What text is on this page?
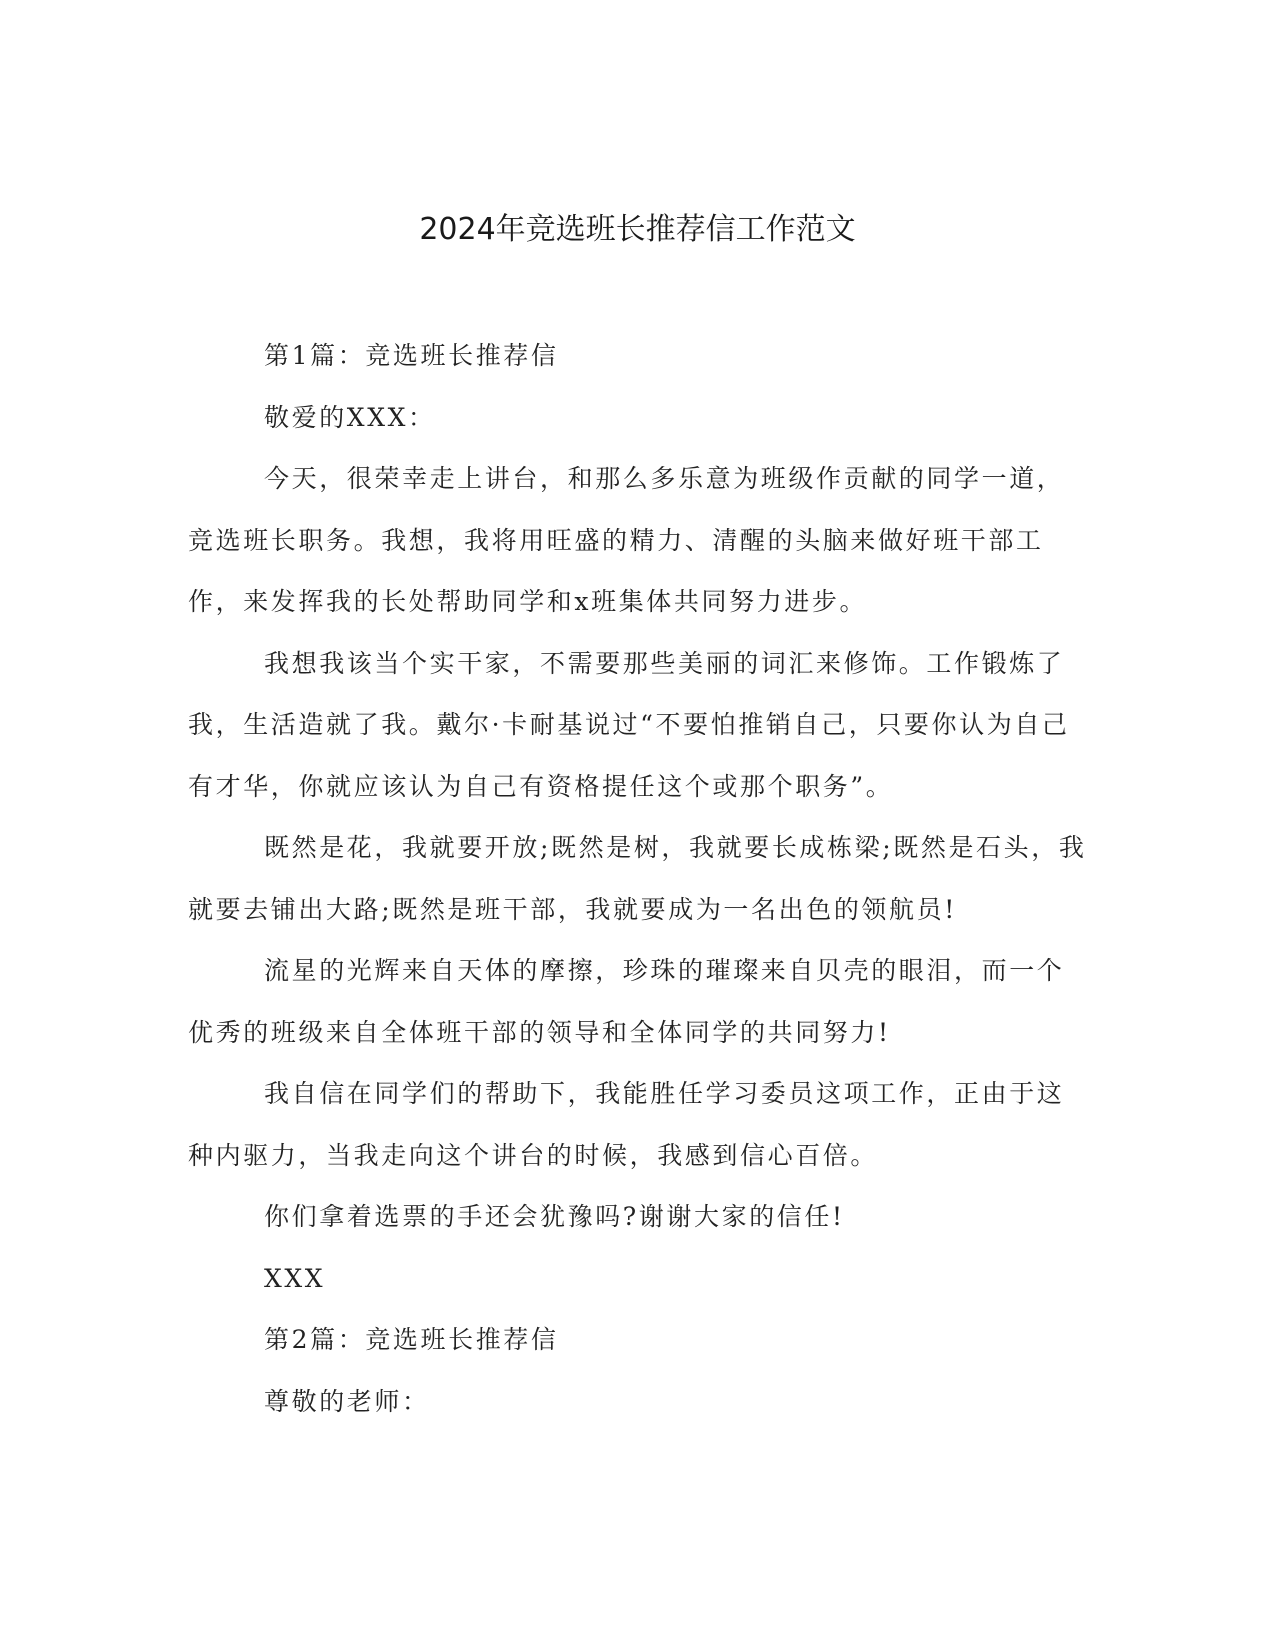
2024年竞选班长推荐信工作范文

第1篇：竞选班长推荐信

敬爱的XXX：

今天，很荣幸走上讲台，和那么多乐意为班级作贡献的同学一道，竞选班长职务。我想，我将用旺盛的精力、清醒的头脑来做好班干部工作，来发挥我的长处帮助同学和x班集体共同努力进步。

我想我该当个实干家，不需要那些美丽的词汇来修饰。工作锻炼了我，生活造就了我。戴尔·卡耐基说过“不要怕推销自己，只要你认为自己有才华，你就应该认为自己有资格提任这个或那个职务”。

既然是花，我就要开放;既然是树，我就要长成栋梁;既然是石头，我就要去铺出大路;既然是班干部，我就要成为一名出色的领航员!

流星的光辉来自天体的摩擦，珍珠的璀璨来自贝壳的眼泪，而一个优秀的班级来自全体班干部的领导和全体同学的共同努力!

我自信在同学们的帮助下，我能胜任学习委员这项工作，正由于这种内驱力，当我走向这个讲台的时候，我感到信心百倍。

你们拿着选票的手还会犹豫吗?谢谢大家的信任!

XXX

第2篇：竞选班长推荐信

尊敬的老师：
